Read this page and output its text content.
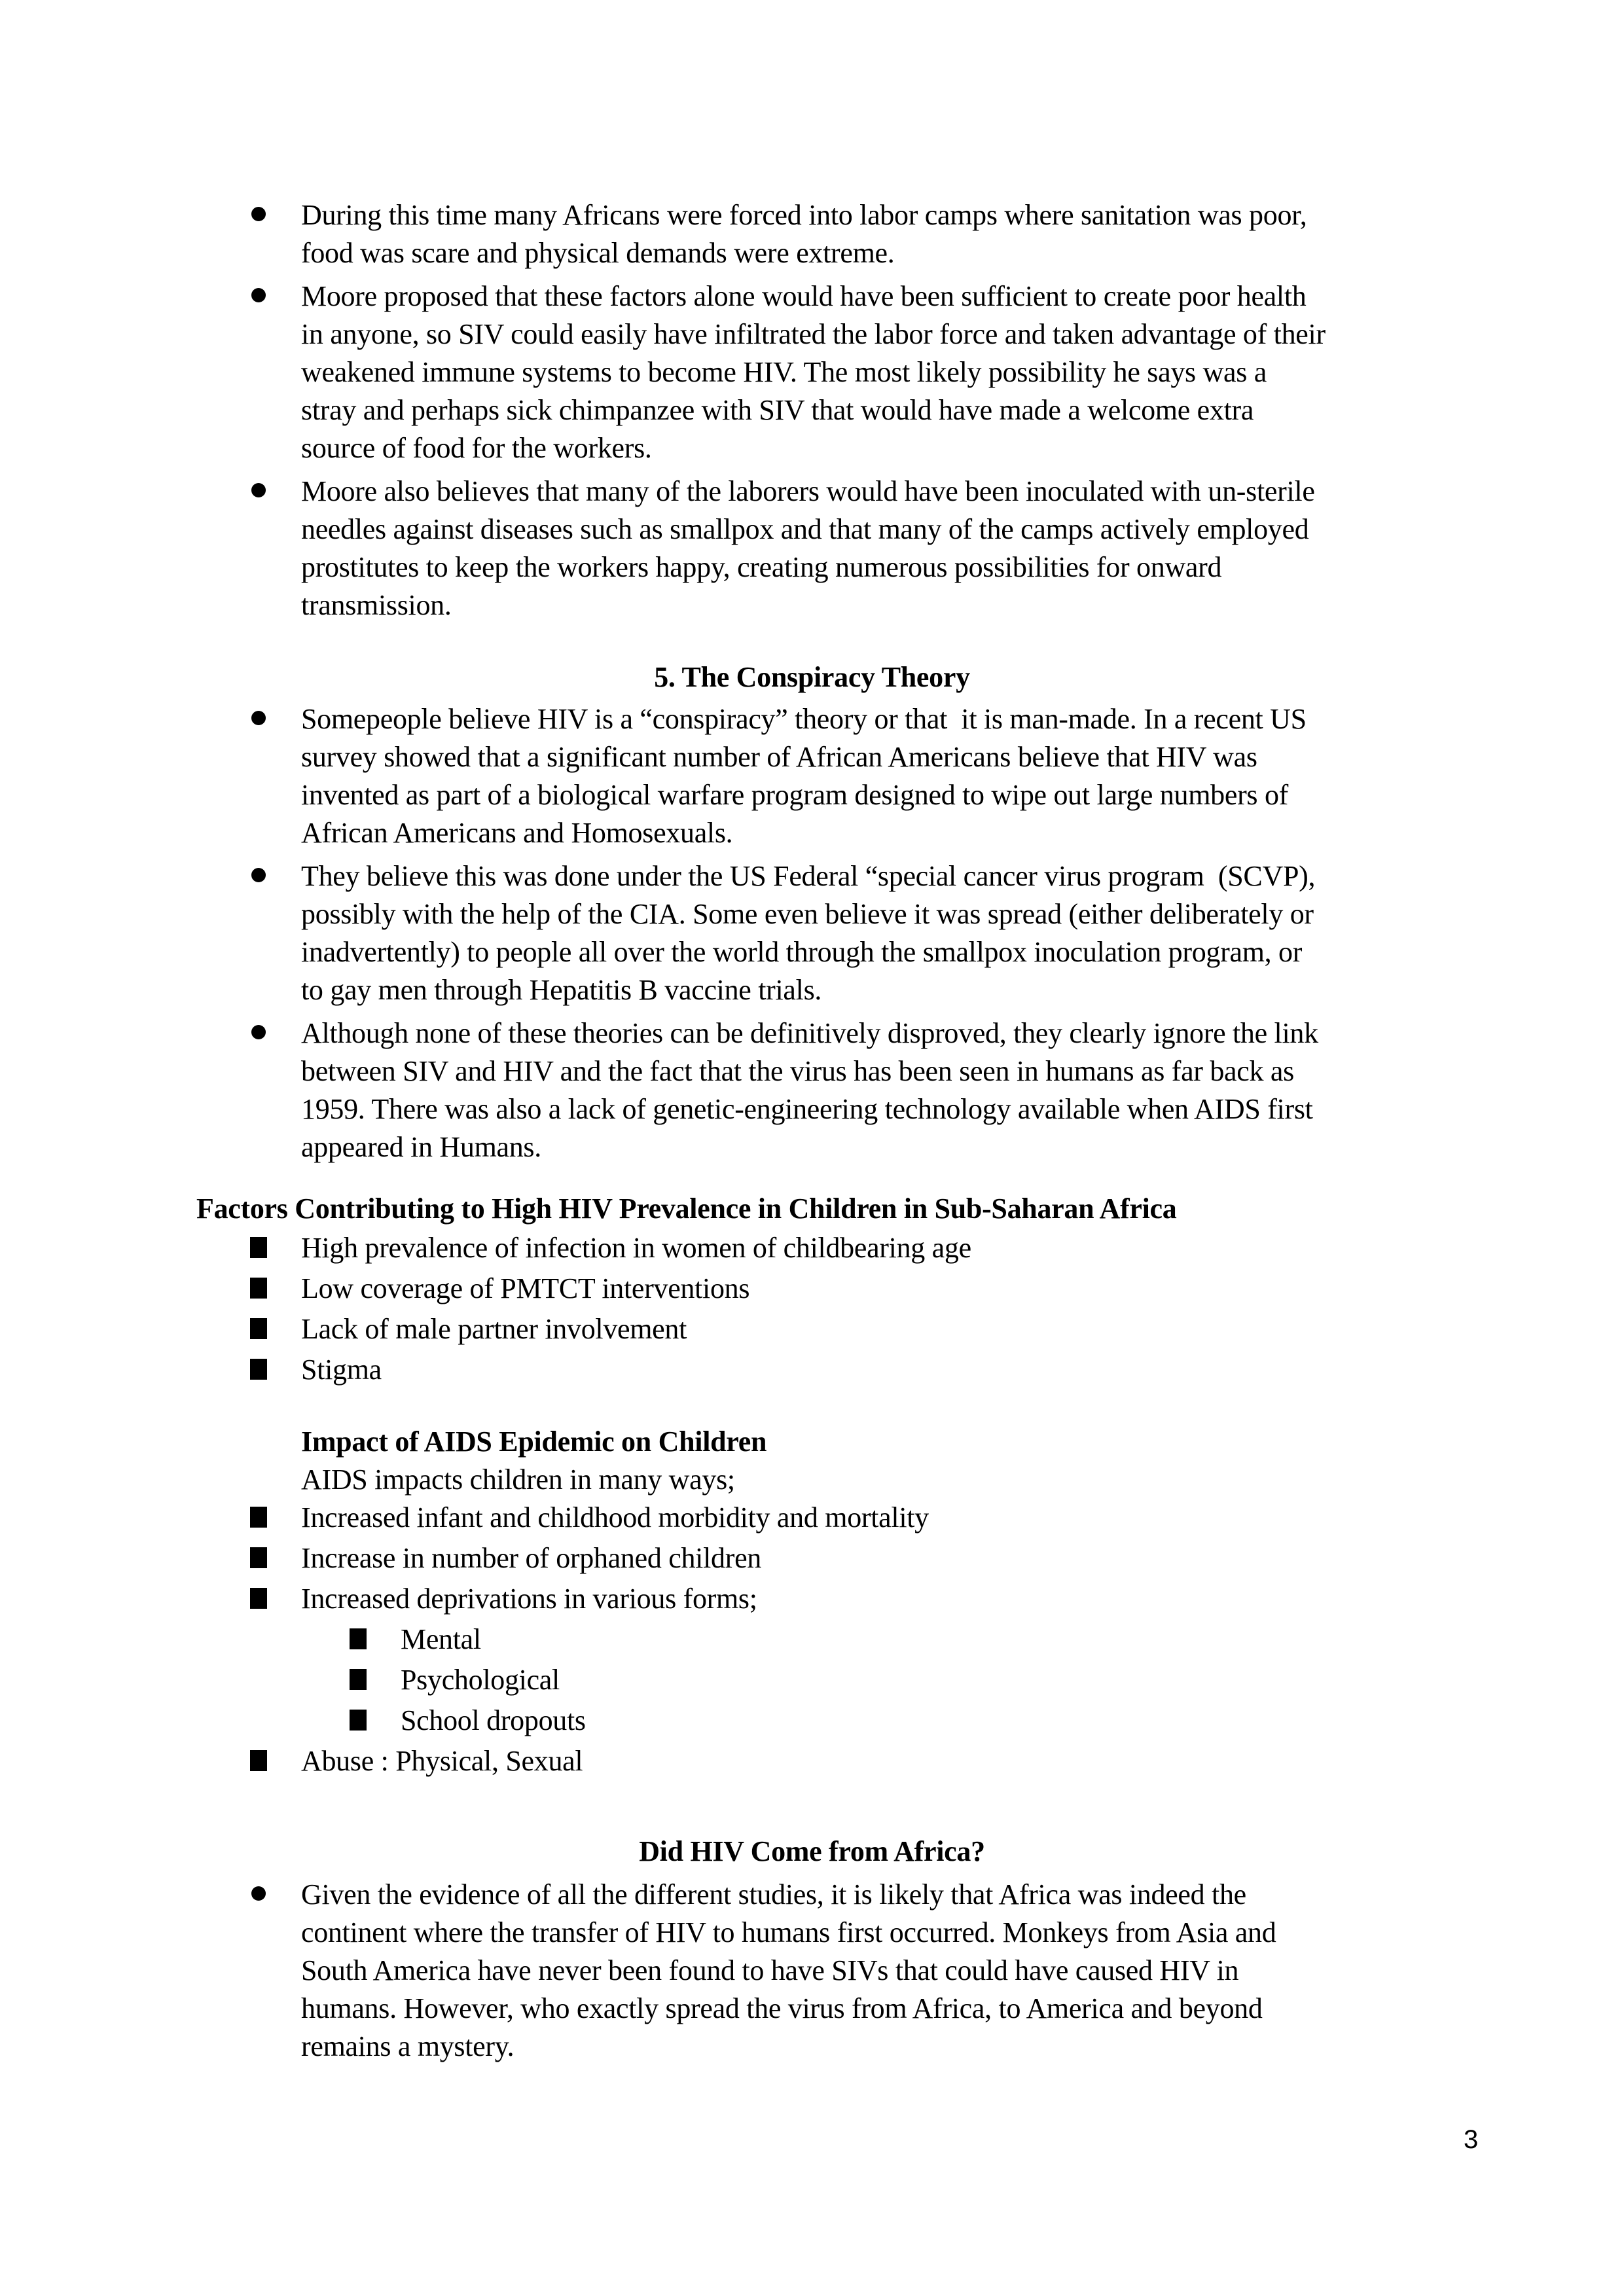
During this time many Africans were forced into labor camps where sanitation was poor,
food was scare and physical demands were extreme.
Moore proposed that these factors alone would have been sufficient to create poor health
in anyone, so SIV could easily have infiltrated the labor force and taken advantage of their
weakened immune systems to become HIV. The most likely possibility he says was a
stray and perhaps sick chimpanzee with SIV that would have made a welcome extra
source of food for the workers.
Moore also believes that many of the laborers would have been inoculated with un-sterile
needles against diseases such as smallpox and that many of the camps actively employed
prostitutes to keep the workers happy, creating numerous possibilities for onward
transmission.
5. The Conspiracy Theory
Somepeople believe HIV is a “conspiracy” theory or that  it is man-made. In a recent US
survey showed that a significant number of African Americans believe that HIV was
invented as part of a biological warfare program designed to wipe out large numbers of
African Americans and Homosexuals.
They believe this was done under the US Federal “special cancer virus program  (SCVP),
possibly with the help of the CIA. Some even believe it was spread (either deliberately or
inadvertently) to people all over the world through the smallpox inoculation program, or
to gay men through Hepatitis B vaccine trials.
Although none of these theories can be definitively disproved, they clearly ignore the link
between SIV and HIV and the fact that the virus has been seen in humans as far back as
1959. There was also a lack of genetic-engineering technology available when AIDS first
appeared in Humans.
Factors Contributing to High HIV Prevalence in Children in Sub-Saharan Africa
High prevalence of infection in women of childbearing age
Low coverage of PMTCT interventions
Lack of male partner involvement
Stigma
Impact of AIDS Epidemic on Children
AIDS impacts children in many ways;
Increased infant and childhood morbidity and mortality
Increase in number of orphaned children
Increased deprivations in various forms;
Mental
Psychological
School dropouts
Abuse : Physical, Sexual
Did HIV Come from Africa?
Given the evidence of all the different studies, it is likely that Africa was indeed the
continent where the transfer of HIV to humans first occurred. Monkeys from Asia and
South America have never been found to have SIVs that could have caused HIV in
humans. However, who exactly spread the virus from Africa, to America and beyond
remains a mystery.
3
